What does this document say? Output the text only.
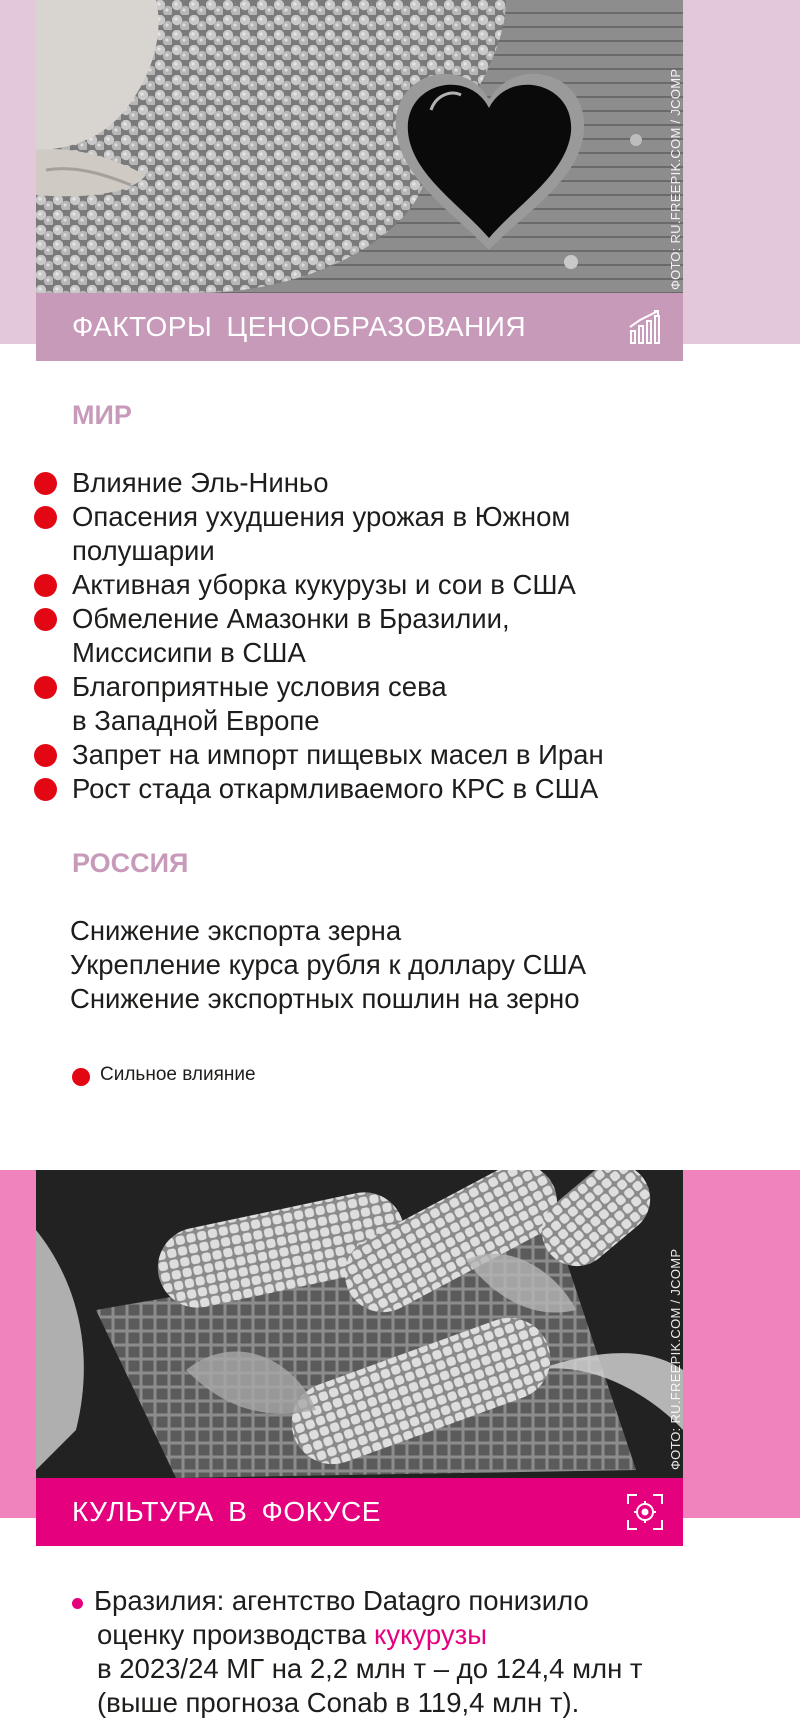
ФОТО: RU.FREEPIK.COM / JCOMP
ФАКТОРЫ ЦЕНООБРАЗОВАНИЯ
МИР
Влияние Эль-Ниньо
Опасения ухудшения урожая в Южном
полушарии
Активная уборка кукурузы и сои в США
Обмеление Амазонки в Бразилии,
Миссисипи в США
Благоприятные условия сева
в Западной Европе
Запрет на импорт пищевых масел в Иран
Рост стада откармливаемого КРС в США
РОССИЯ
Снижение экспорта зерна
Укрепление курса рубля к доллару США
Снижение экспортных пошлин на зерно
Сильное влияние
ФОТО: RU.FREEPIK.COM / JCOMP
КУЛЬТУРА В ФОКУСЕ
Бразилия: агентство Datagro понизило
оценку производства кукурузы
в 2023/24 МГ на 2,2 млн т – до 124,4 млн т
(выше прогноза Conab в 119,4 млн т).
